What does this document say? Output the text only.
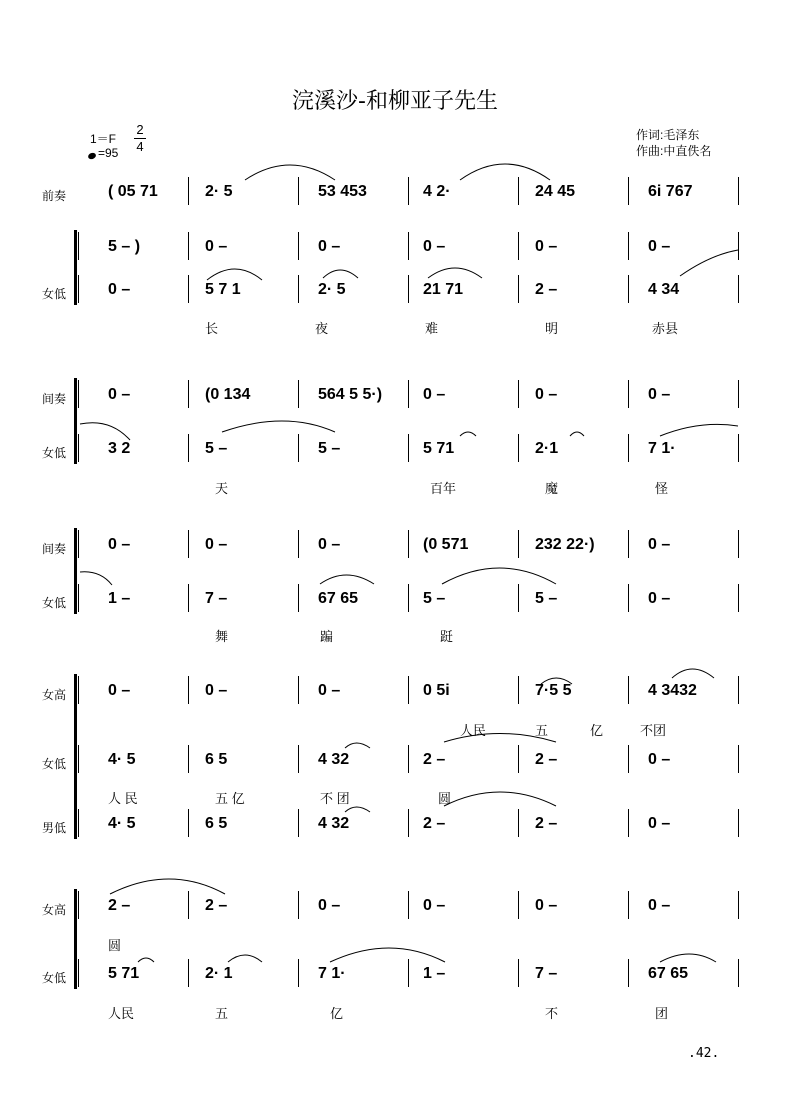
浣溪沙-和柳亚子先生
1＝F
2
4
=95
作词:毛泽东
作曲:中直佚名
前奏	( 05 71	2· 5	53 453	4 2·	24 45	6i 767
5 – )	0 –	0 –	0 –	0 –	0 –
女低	0 –	5 7 1	2· 5	21 71	2 –	4 34
长	夜	难	明	赤县
间奏	0 –	(0 134	564 5 5·)	0 –	0 –	0 –
女低	3 2	5 –	5 –	5 71	2·1	7 1·
天	百年	魔	怪
间奏	0 –	0 –	0 –	(0 571	232 22·)	0 –
女低	1 –	7 –	67 65	5 –	5 –	0 –
舞	蹁	跹
女高	0 –	0 –	0 –	0 5i	7·5 5	4 3432
女低	4· 5	6 5	4 32	2 –	2 –	0 –
男低	4· 5	6 5	4 32	2 –	2 –	0 –
人民	五	亿	不团
人 民	五 亿	不 团	圆
女高	2 –	2 –	0 –	0 –	0 –	0 –
女低	5 71	2· 1	7 1·	1 –	7 –	67 65
圆
人民	五	亿	不	团
.42.
